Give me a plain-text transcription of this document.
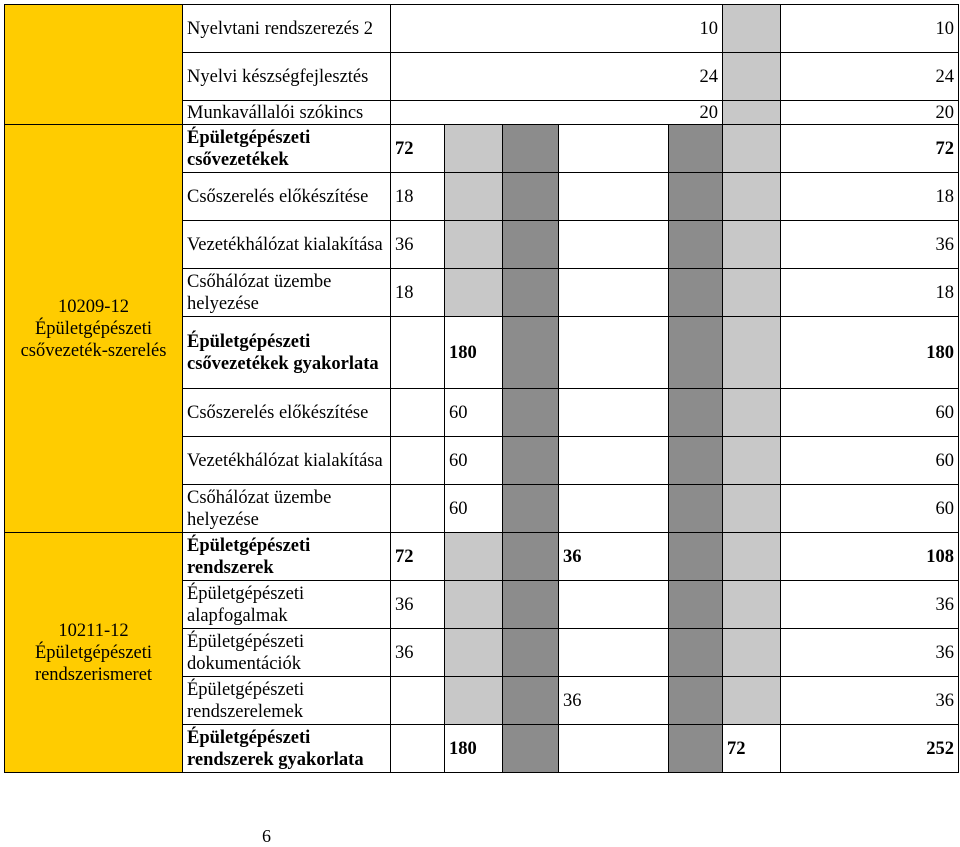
	Nyelvtani rendszerezés 2	10						10
	Nyelvi készségfejlesztés	24						24
	Munkavállalói szókincs	20						20

10209-12
Épületgépészeti csővezeték-szerelés	Épületgépészeti csővezetékek	72						72
	Csőszerelés előkészítése	18						18
	Vezetékhálózat kialakítása	36						36
	Csőhálózat üzembe helyezése	18						18
	Épületgépészeti csővezetékek gyakorlata		180					180
	Csőszerelés előkészítése		60					60
	Vezetékhálózat kialakítása		60					60
	Csőhálózat üzembe helyezése		60					60

10211-12
Épületgépészeti rendszerismeret	Épületgépészeti rendszerek	72			36			108
	Épületgépészeti alapfogalmak	36						36
	Épületgépészeti dokumentációk	36						36
	Épületgépészeti rendszerelemek				36			36
	Épületgépészeti rendszerek gyakorlata		180				72	252
6
